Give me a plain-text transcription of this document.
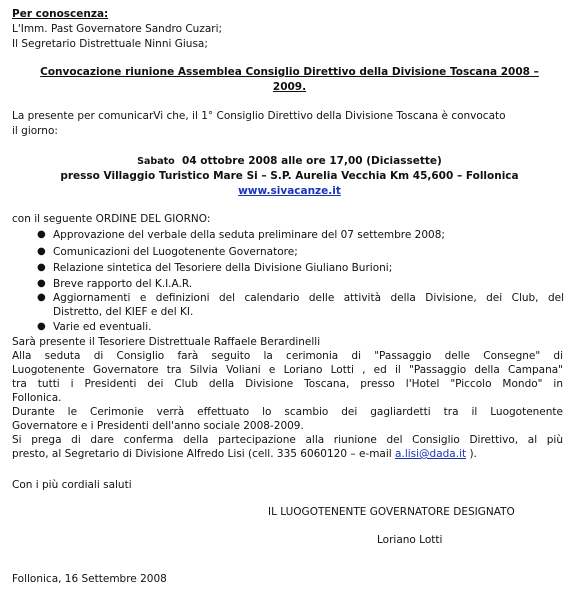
Per conoscenza:
L'Imm. Past Governatore Sandro Cuzari;
Il Segretario Distrettuale Ninni Giusa;
Convocazione riunione Assemblea Consiglio Direttivo della Divisione Toscana 2008 –
2009.
La presente per comunicarVi che, il 1° Consiglio Direttivo della Divisione Toscana è convocato
il giorno:
Sabato 04 ottobre 2008 alle ore 17,00 (Diciassette)
presso Villaggio Turistico Mare Si – S.P. Aurelia Vecchia Km 45,600 – Follonica
www.sivacanze.it
con il seguente ORDINE DEL GIORNO:
● Approvazione del verbale della seduta preliminare del 07 settembre 2008;
● Comunicazioni del Luogotenente Governatore;
● Relazione sintetica del Tesoriere della Divisione Giuliano Burioni;
● Breve rapporto del K.I.A.R.
● Aggiornamenti e definizioni del calendario delle attività della Divisione, dei Club, del
Distretto, del KIEF e del KI.
● Varie ed eventuali.
Sarà presente il Tesoriere Distrettuale Raffaele Berardinelli
Alla seduta di Consiglio farà seguito la cerimonia di "Passaggio delle Consegne" di
Luogotenente Governatore tra Silvia Voliani e Loriano Lotti , ed il "Passaggio della Campana"
tra tutti i Presidenti dei Club della Divisione Toscana, presso l'Hotel "Piccolo Mondo" in
Follonica.
Durante le Cerimonie verrà effettuato lo scambio dei gagliardetti tra il Luogotenente
Governatore e i Presidenti dell'anno sociale 2008-2009.
Si prega di dare conferma della partecipazione alla riunione del Consiglio Direttivo, al più
presto, al Segretario di Divisione Alfredo Lisi (cell. 335 6060120 – e-mail a.lisi@dada.it ).
Con i più cordiali saluti
IL LUOGOTENENTE GOVERNATORE DESIGNATO
Loriano Lotti
Follonica, 16 Settembre 2008
